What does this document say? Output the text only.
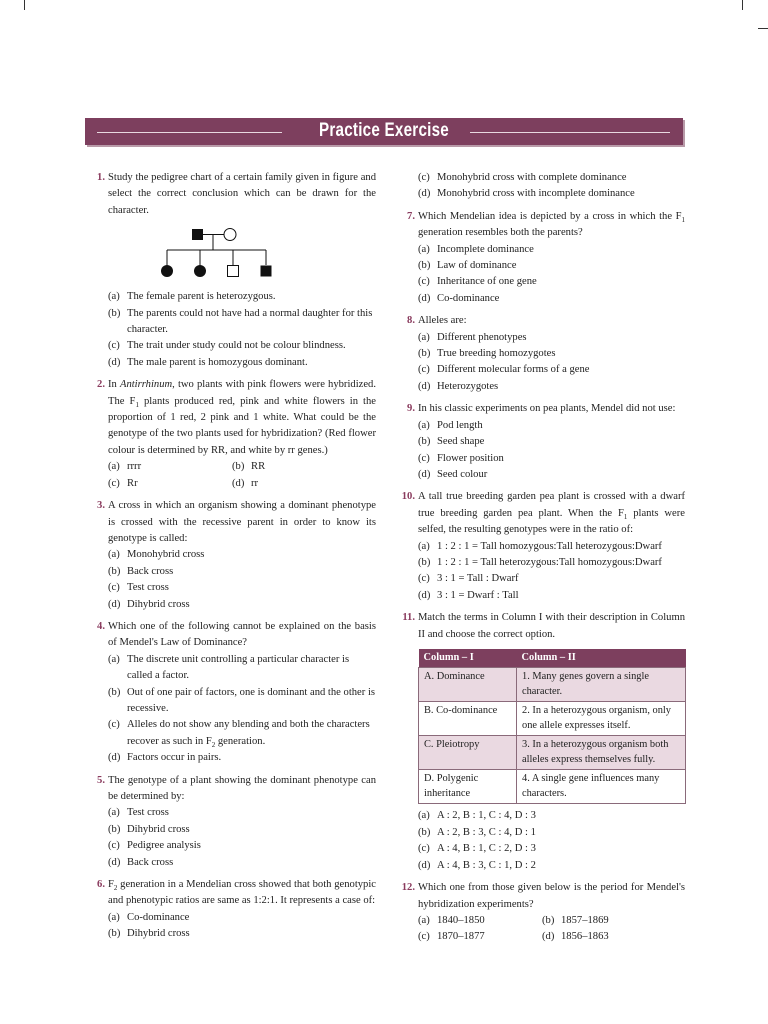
Practice Exercise
1. Study the pedigree chart of a certain family given in figure and select the correct conclusion which can be drawn for the character.
(a) The female parent is heterozygous.
(b) The parents could not have had a normal daughter for this character.
(c) The trait under study could not be colour blindness.
(d) The male parent is homozygous dominant.
2. In Antirrhinum, two plants with pink flowers were hybridized. The $F_1$ plants produced red, pink and white flowers in the proportion of 1 red, 2 pink and 1 white. What could be the genotype of the two plants used for hybridization? (Red flower colour is determined by RR, and white by rr genes.)
(a) rrrr	(b) RR
(c) Rr	(d) rr
3. A cross in which an organism showing a dominant phenotype is crossed with the recessive parent in order to know its genotype is called:
(a) Monohybrid cross
(b) Back cross
(c) Test cross
(d) Dihybrid cross
4. Which one of the following cannot be explained on the basis of Mendel's Law of Dominance?
(a) The discrete unit controlling a particular character is called a factor.
(b) Out of one pair of factors, one is dominant and the other is recessive.
(c) Alleles do not show any blending and both the characters recover as such in $F_2$ generation.
(d) Factors occur in pairs.
5. The genotype of a plant showing the dominant phenotype can be determined by:
(a) Test cross
(b) Dihybrid cross
(c) Pedigree analysis
(d) Back cross
6. $F_2$ generation in a Mendelian cross showed that both genotypic and phenotypic ratios are same as 1:2:1. It represents a case of:
(a) Co-dominance
(b) Dihybrid cross
(c) Monohybrid cross with complete dominance
(d) Monohybrid cross with incomplete dominance
7. Which Mendelian idea is depicted by a cross in which the $F_1$ generation resembles both the parents?
(a) Incomplete dominance
(b) Law of dominance
(c) Inheritance of one gene
(d) Co-dominance
8. Alleles are:
(a) Different phenotypes
(b) True breeding homozygotes
(c) Different molecular forms of a gene
(d) Heterozygotes
9. In his classic experiments on pea plants, Mendel did not use:
(a) Pod length
(b) Seed shape
(c) Flower position
(d) Seed colour
10. A tall true breeding garden pea plant is crossed with a dwarf true breeding garden pea plant. When the $F_1$ plants were selfed, the resulting genotypes were in the ratio of:
(a) 1 : 2 : 1 = Tall homozygous:Tall heterozygous:Dwarf
(b) 1 : 2 : 1 = Tall heterozygous:Tall homozygous:Dwarf
(c) 3 : 1 = Tall : Dwarf
(d) 3 : 1 = Dwarf : Tall
11. Match the terms in Column I with their description in Column II and choose the correct option.
Column – I	Column – II
A. Dominance	1. Many genes govern a single character.
B. Co-dominance	2. In a heterozygous organism, only one allele expresses itself.
C. Pleiotropy	3. In a heterozygous organism both alleles express themselves fully.
D. Polygenic inheritance	4. A single gene influences many characters.
(a) A : 2, B : 1, C : 4, D : 3
(b) A : 2, B : 3, C : 4, D : 1
(c) A : 4, B : 1, C : 2, D : 3
(d) A : 4, B : 3, C : 1, D : 2
12. Which one from those given below is the period for Mendel's hybridization experiments?
(a) 1840–1850	(b) 1857–1869
(c) 1870–1877	(d) 1856–1863
